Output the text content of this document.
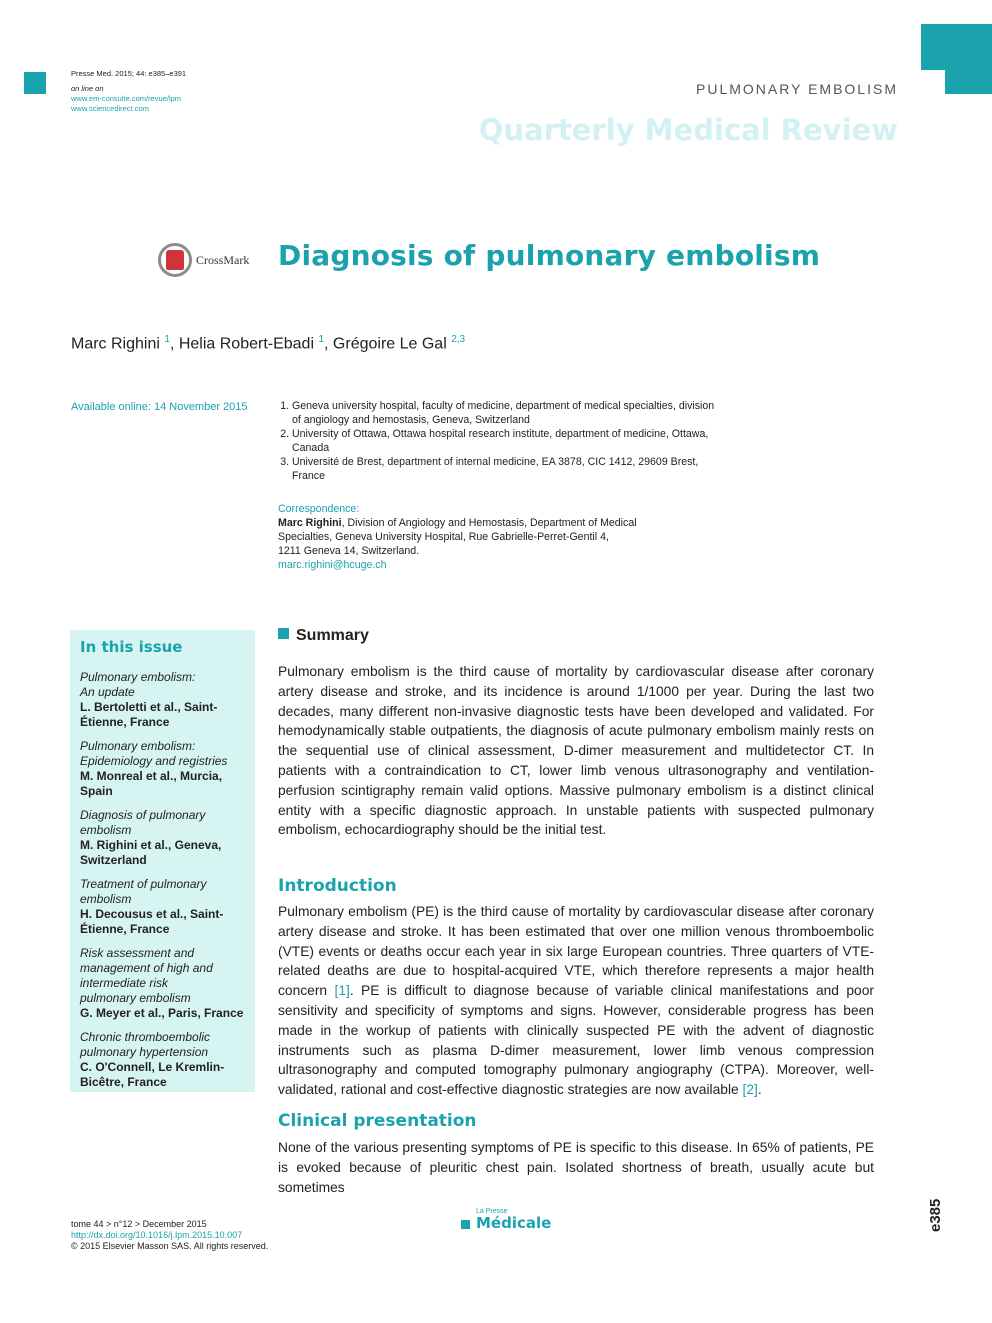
Presse Med. 2015; 44: e385–e391
on line on
www.em-consulte.com/revue/lpm
www.sciencedirect.com
PULMONARY EMBOLISM
Quarterly Medical Review
CrossMark Diagnosis of pulmonary embolism
Marc Righini $^1$, Helia Robert-Ebadi $^1$, Grégoire Le Gal $^{2,3}$
Available online: 14 November 2015
1.	Geneva university hospital, faculty of medicine, department of medical specialties, division of angiology and hemostasis, Geneva, Switzerland
2. University of Ottawa, Ottawa hospital research institute, department of medicine, Ottawa, Canada
3. Université de Brest, department of internal medicine, EA 3878, CIC 1412, 29609 Brest, France
Correspondence:
Marc Righini, Division of Angiology and Hemostasis, Department of Medical
Specialties, Geneva University Hospital, Rue Gabrielle-Perret-Gentil 4,
1211 Geneva 14, Switzerland.
marc.righini@hcuge.ch
In this issue
Pulmonary embolism:
An update
L. Bertoletti et al., Saint-
Étienne, France
Pulmonary embolism:
Epidemiology and registries
M. Monreal et al., Murcia,
Spain
Diagnosis of pulmonary
embolism
M. Righini et al., Geneva,
Switzerland
Treatment of pulmonary
embolism
H. Decousus et al., Saint-
Étienne, France
Risk assessment and
management of high and
intermediate risk
pulmonary embolism
G. Meyer et al., Paris, France
Chronic thromboembolic
pulmonary hypertension
C. O'Connell, Le Kremlin-
Bicêtre, France
Summary
Pulmonary embolism is the third cause of mortality by cardiovascular disease after coronary artery disease and stroke, and its incidence is around 1/1000 per year. During the last two decades, many different non-invasive diagnostic tests have been developed and validated. For hemodynamically stable outpatients, the diagnosis of acute pulmonary embolism mainly rests on the sequential use of clinical assessment, D-dimer measurement and multidetector CT. In patients with a contraindication to CT, lower limb venous ultrasonography and ventilation-perfusion scintigraphy remain valid options. Massive pulmonary embolism is a distinct clinical entity with a specific diagnostic approach. In unstable patients with suspected pulmonary embolism, echocardiography should be the initial test.
Introduction
Pulmonary embolism (PE) is the third cause of mortality by cardiovascular disease after coronary artery disease and stroke. It has been estimated that over one million venous thromboembolic (VTE) events or deaths occur each year in six large European countries. Three quarters of VTE-related deaths are due to hospital-acquired VTE, which therefore represents a major health concern [1]. PE is difficult to diagnose because of variable clinical manifestations and poor sensitivity and specificity of symptoms and signs. However, considerable progress has been made in the workup of patients with clinically suspected PE with the advent of diagnostic instruments such as plasma D-dimer measurement, lower limb venous compression ultrasonography and computed tomography pulmonary angiography (CTPA). Moreover, well-validated, rational and cost-effective diagnostic strategies are now available [2].
Clinical presentation
None of the various presenting symptoms of PE is specific to this disease. In 65% of patients, PE is evoked because of pleuritic chest pain. Isolated shortness of breath, usually acute but sometimes
tome 44 > n°12 > December 2015
http://dx.doi.org/10.1016/j.lpm.2015.10.007
© 2015 Elsevier Masson SAS. All rights reserved.
La Presse
Médicale	e385
